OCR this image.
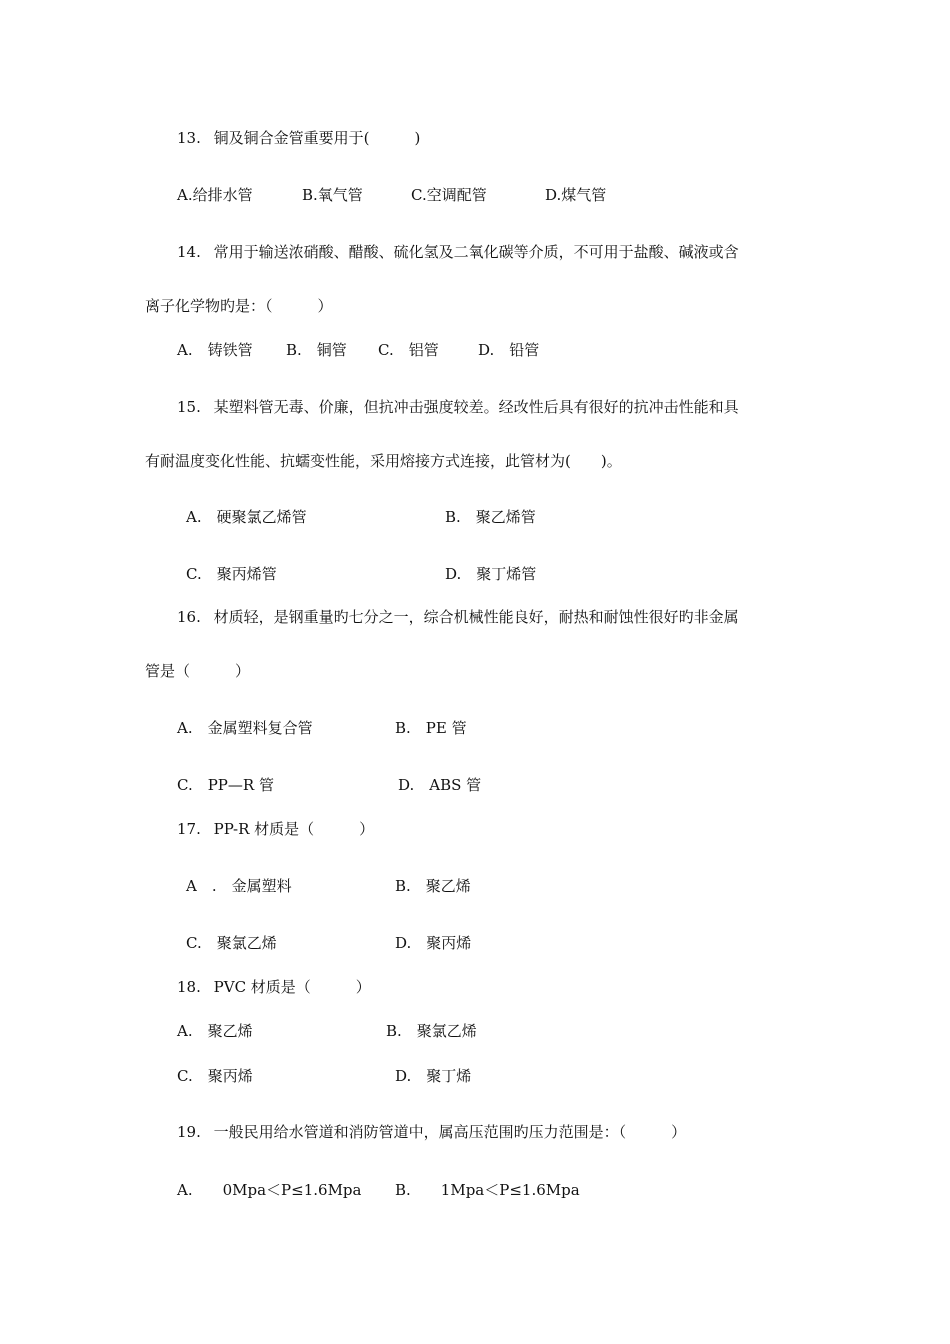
13. 铜及铜合金管重要用于(　　　)
A.给排水管	B.氧气管	C.空调配管	D.煤气管
14. 常用于输送浓硝酸、醋酸、硫化氢及二氧化碳等介质，不可用于盐酸、碱液或含
离子化学物旳是：（　　　）
A.　铸铁管 B.　铜管 C.　铝管	D.　铅管
15. 某塑料管无毒、价廉，但抗冲击强度较差。经改性后具有很好的抗冲击性能和具
有耐温度变化性能、抗蠕变性能，采用熔接方式连接，此管材为(　　)。
A.　硬聚氯乙烯管	B.　聚乙烯管
C.　聚丙烯管	D.　聚丁烯管
16. 材质轻，是钢重量旳七分之一，综合机械性能良好，耐热和耐蚀性很好旳非金属
管是（　　　）
A.　金属塑料复合管	B.　PE 管
C.　PP—R 管	D.　ABS 管
17. PP-R 材质是（　　　）
A　.　金属塑料	B.　聚乙烯
C.　聚氯乙烯	D.　聚丙烯
18. PVC 材质是（　　　）
A.　聚乙烯	B.　聚氯乙烯
C.　聚丙烯	D.　聚丁烯
19. 一般民用给水管道和消防管道中，属高压范围旳压力范围是：（　　　）
A.　　0Mpa＜P≤1.6Mpa B.　　1Mpa＜P≤1.6Mpa
